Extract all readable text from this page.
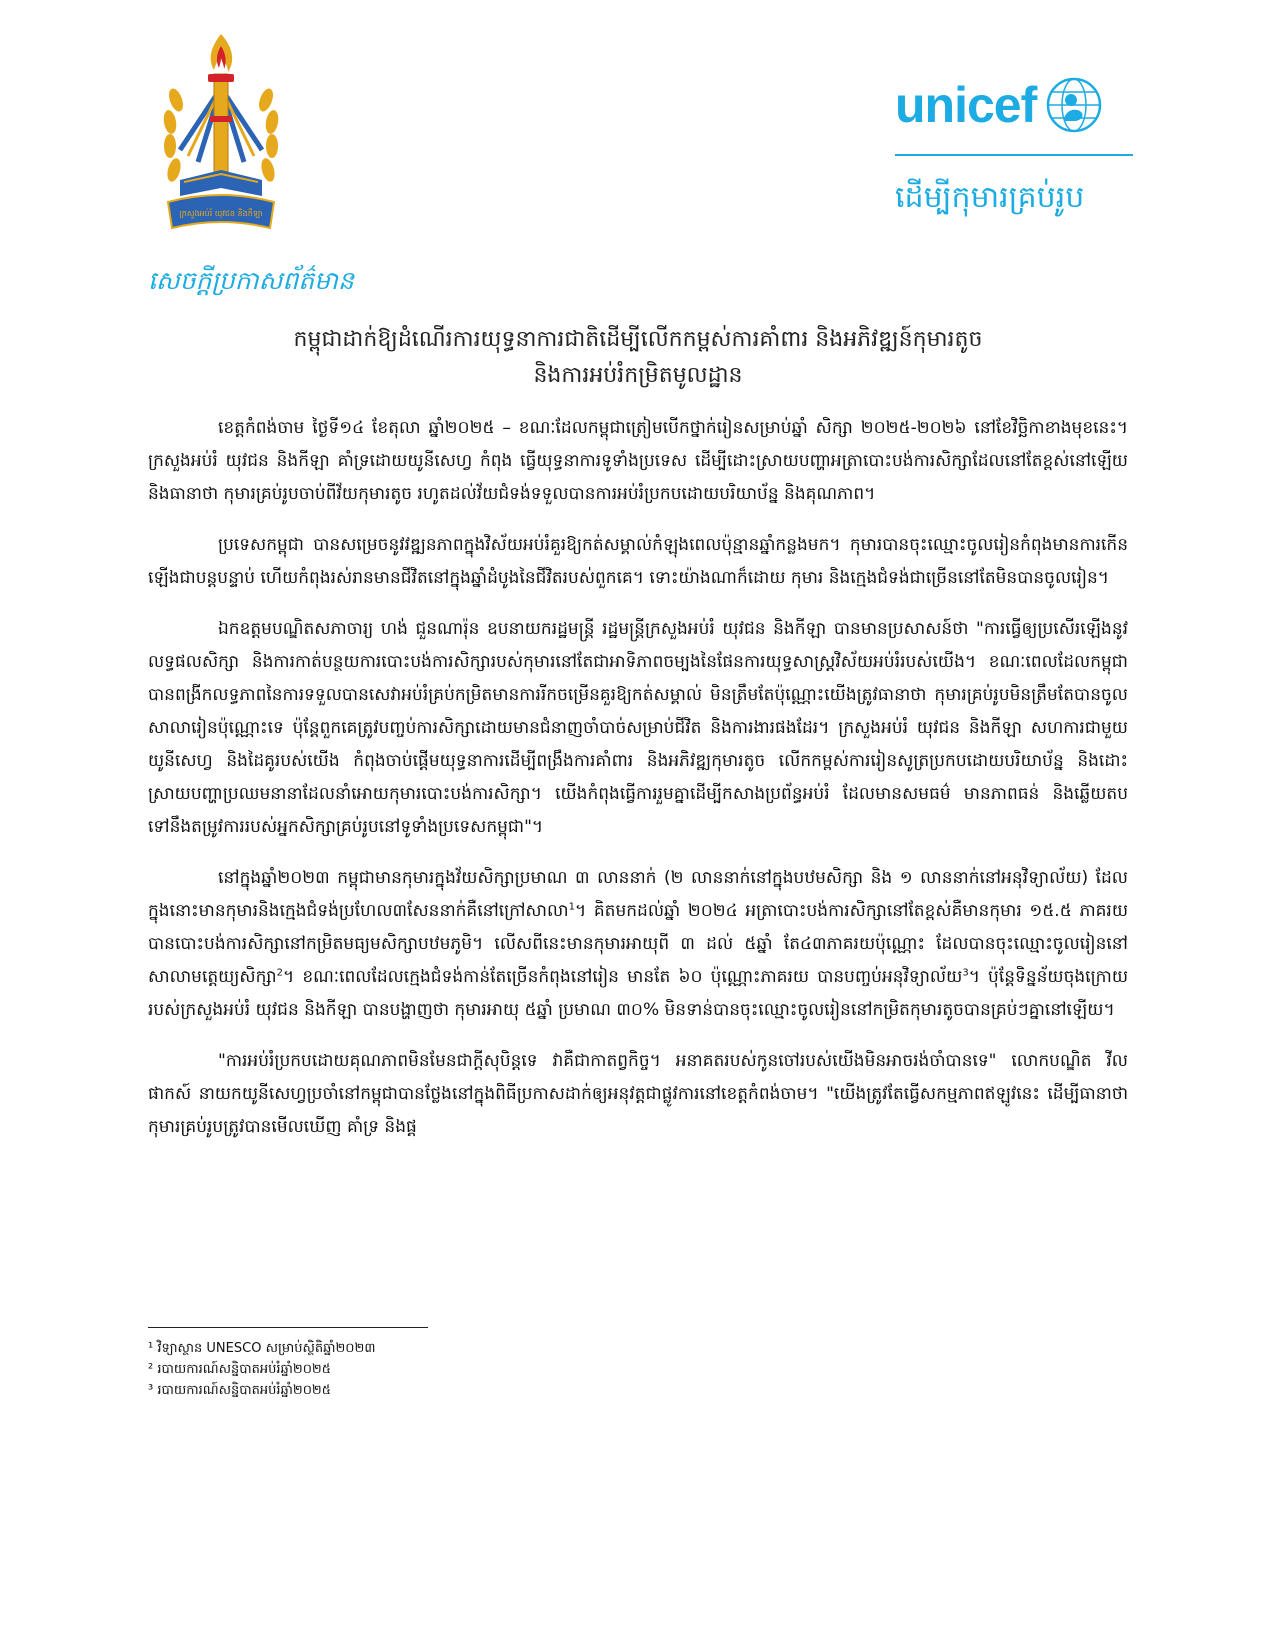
ក្រសួងអប់រំ យុវជន និងកីឡា
unicef
ដើម្បីកុមារគ្រប់រូប
សេចក្ដីប្រកាសព័ត៌មាន
កម្ពុជាដាក់ឱ្យដំណើរការយុទ្ធនាការជាតិដើម្បីលើកកម្ពស់ការគាំពារ និងអភិវឌ្ឍន៍កុមារតូច
និងការអប់រំកម្រិតមូលដ្ឋាន

ខេត្តកំពង់ចាម ថ្ងៃទី១៤ ខែតុលា ឆ្នាំ២០២៥ – ខណៈដែលកម្ពុជាត្រៀមបើកថ្នាក់រៀនសម្រាប់ឆ្នាំ សិក្សា ២០២៥-២០២៦ នៅខែវិច្ឆិកាខាងមុខនេះ។ ក្រសួងអប់រំ យុវជន និងកីឡា គាំទ្រដោយយូនីសេហ្វ កំពុង ធ្វើយុទ្ធនាការទូទាំងប្រទេស ដើម្បីដោះស្រាយបញ្ហាអត្រាបោះបង់ការសិក្សាដែលនៅតែខ្ពស់នៅឡើយ និងធានាថា កុមារគ្រប់រូបចាប់ពីវ័យកុមារតូច រហូតដល់វ័យជំទង់ទទួលបានការអប់រំប្រកបដោយបរិយាប័ន្ន និងគុណភាព។

ប្រទេសកម្ពុជា បានសម្រេចនូវវឌ្ឍនភាពក្នុងវិស័យអប់រំគួរឱ្យកត់សម្គាល់កំឡុងពេលប៉ុន្មានឆ្នាំកន្លងមក។ កុមារបានចុះឈ្មោះចូលរៀនកំពុងមានការកើនឡើងជាបន្តបន្ទាប់ ហើយកំពុងរស់រានមានជីវិតនៅក្នុងឆ្នាំដំបូងនៃជីវិតរបស់ពួកគេ។ ទោះយ៉ាងណាក៏ដោយ កុមារ និងក្មេងជំទង់ជាច្រើននៅតែមិនបានចូលរៀន។

ឯកឧត្តមបណ្ឌិតសភាចារ្យ ហង់ ជួនណារ៉ុន ឧបនាយករដ្ឋមន្ត្រី រដ្ឋមន្ត្រីក្រសួងអប់រំ យុវជន និងកីឡា បានមានប្រសាសន៍ថា "ការធ្វើឲ្យប្រសើរឡើងនូវលទ្ធផលសិក្សា និងការកាត់បន្ថយការបោះបង់ការសិក្សារបស់កុមារនៅតែជាអាទិភាពចម្បងនៃផែនការយុទ្ធសាស្ត្រវិស័យអប់រំរបស់យើង។ ខណៈពេលដែលកម្ពុជា បានពង្រីកលទ្ធភាពនៃការទទួលបានសេវាអប់រំគ្រប់កម្រិតមានការរីកចម្រើនគួរឱ្យកត់សម្គាល់ មិនត្រឹមតែប៉ុណ្ណោះយើងត្រូវធានាថា កុមារគ្រប់រូបមិនត្រឹមតែបានចូលសាលារៀនប៉ុណ្ណោះទេ ប៉ុន្តែពួកគេត្រូវបញ្ចប់ការសិក្សាដោយមានជំនាញចាំបាច់សម្រាប់ជីវិត និងការងារផងដែរ។ ក្រសួងអប់រំ យុវជន និងកីឡា សហការជាមួយយូនីសេហ្វ និងដៃគូរបស់យើង កំពុងចាប់ផ្ដើមយុទ្ធនាការដើម្បីពង្រឹងការគាំពារ និងអភិវឌ្ឍកុមារតូច លើកកម្ពស់ការរៀនសូត្រប្រកបដោយបរិយាប័ន្ន និងដោះស្រាយបញ្ហាប្រឈមនានាដែលនាំអោយកុមារបោះបង់ការសិក្សា។ យើងកំពុងធ្វើការរួមគ្នាដើម្បីកសាងប្រព័ន្ធអប់រំ ដែលមានសមធម៌ មានភាពធន់ និងឆ្លើយតបទៅនឹងតម្រូវការរបស់អ្នកសិក្សាគ្រប់រូបនៅទូទាំងប្រទេសកម្ពុជា"។

នៅក្នុងឆ្នាំ២០២៣ កម្ពុជាមានកុមារក្នុងវ័យសិក្សាប្រមាណ ៣ លាននាក់ (២ លាននាក់នៅក្នុងបឋមសិក្សា និង ១ លាននាក់នៅអនុវិទ្យាល័យ) ដែលក្នុងនោះមានកុមារនិងក្មេងជំទង់ប្រហែល៣សែននាក់គឺនៅក្រៅសាលា$^1$។ គិតមកដល់ឆ្នាំ ២០២៤ អត្រាបោះបង់ការសិក្សានៅតែខ្ពស់គឺមានកុមារ ១៥.៥ ភាគរយបានបោះបង់ការសិក្សានៅកម្រិតមធ្យមសិក្សាបឋមភូមិ។ លើសពីនេះមានកុមារអាយុពី ៣ ដល់ ៥ឆ្នាំ តែ៤៣ភាគរយប៉ុណ្ណោះ ដែលបានចុះឈ្មោះចូលរៀននៅសាលាមត្តេយ្យសិក្សា$^2$។ ខណៈពេលដែលក្មេងជំទង់កាន់តែច្រើនកំពុងនៅរៀន មានតែ ៦០ ប៉ុណ្ណោះភាគរយ បានបញ្ចប់អនុវិទ្យាល័យ$^3$។ ប៉ុន្តែទិន្នន័យចុងក្រោយរបស់ក្រសួងអប់រំ យុវជន និងកីឡា បានបង្ហាញថា កុមារអាយុ ៥ឆ្នាំ ប្រមាណ ៣០% មិនទាន់បានចុះឈ្មោះចូលរៀននៅកម្រិតកុមារតូចបានគ្រប់ៗគ្នានៅឡើយ។

"ការអប់រំប្រកបដោយគុណភាពមិនមែនជាក្ដីសុបិន្តទេ វាគឺជាកាតព្វកិច្ច។ អនាគតរបស់កូនចៅរបស់យើងមិនអាចរង់ចាំបានទេ" លោកបណ្ឌិត វីល ផាកស៍ នាយកយូនីសេហ្វប្រចាំនៅកម្ពុជាបានថ្លែងនៅក្នុងពិធីប្រកាសដាក់ឲ្យអនុវត្តជាផ្លូវការនៅខេត្តកំពង់ចាម។ "យើងត្រូវតែធ្វើសកម្មភាពឥឡូវនេះ ដើម្បីធានាថា កុមារគ្រប់រូបត្រូវបានមើលឃើញ គាំទ្រ និងផ្ត

¹ វិទ្យាស្ថាន UNESCO សម្រាប់ស្ថិតិឆ្នាំ២០២៣
² របាយការណ៍សន្និបាតអប់រំឆ្នាំ២០២៥
³ របាយការណ៍សន្និបាតអប់រំឆ្នាំ២០២៥
